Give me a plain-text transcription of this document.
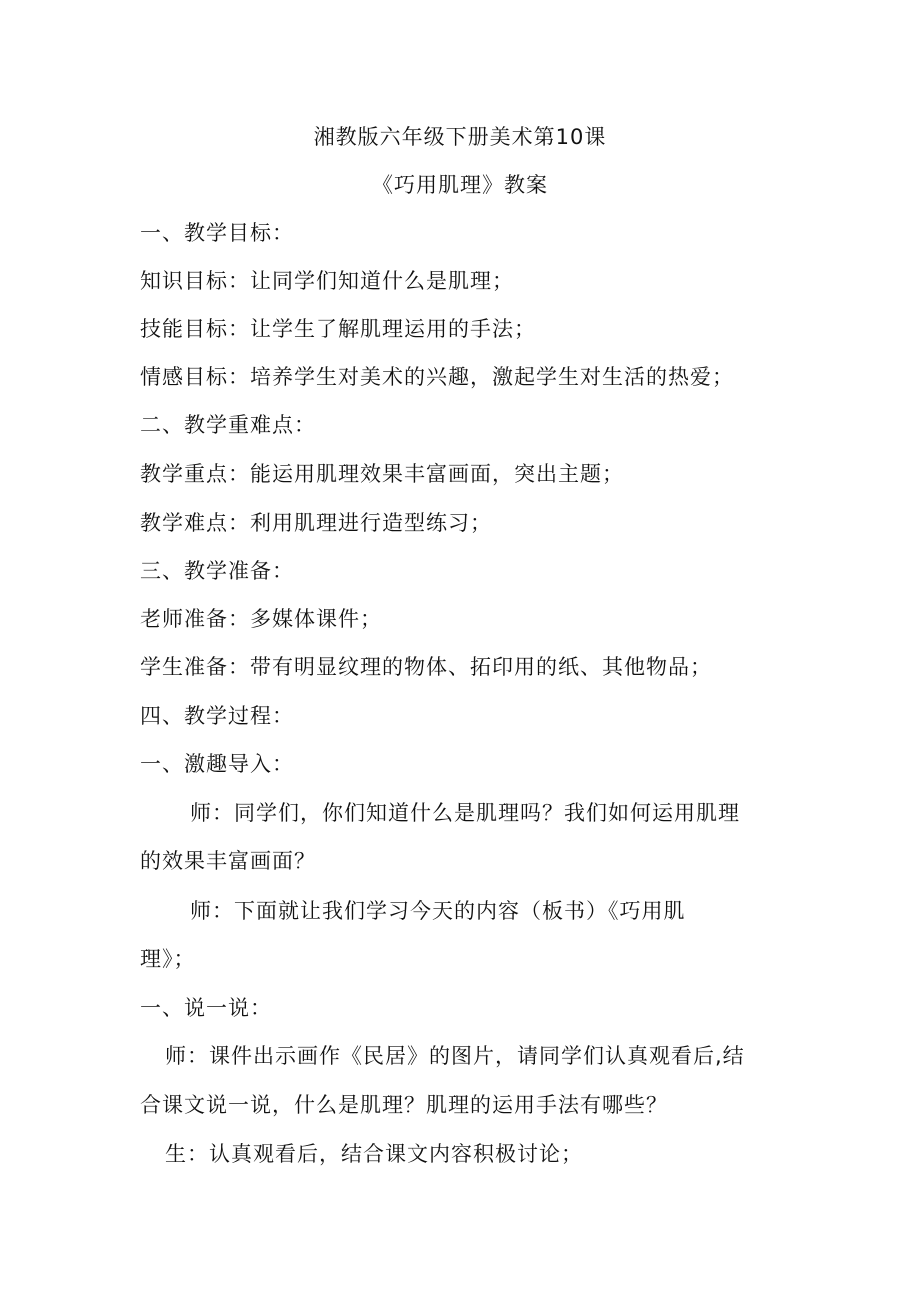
湘教版六年级下册美术第10课
《巧用肌理》教案
一、教学目标：
知识目标：让同学们知道什么是肌理；
技能目标：让学生了解肌理运用的手法；
情感目标：培养学生对美术的兴趣，激起学生对生活的热爱；
二、教学重难点：
教学重点：能运用肌理效果丰富画面，突出主题；
教学难点：利用肌理进行造型练习；
三、教学准备：
老师准备：多媒体课件；
学生准备：带有明显纹理的物体、拓印用的纸、其他物品；
四、教学过程：
一、激趣导入：
师：同学们，你们知道什么是肌理吗？我们如何运用肌理
的效果丰富画面？
师：下面就让我们学习今天的内容（板书）《巧用肌
理》；
一、说一说：
师：课件出示画作《民居》的图片，请同学们认真观看后,结
合课文说一说，什么是肌理？肌理的运用手法有哪些？
生：认真观看后，结合课文内容积极讨论；
